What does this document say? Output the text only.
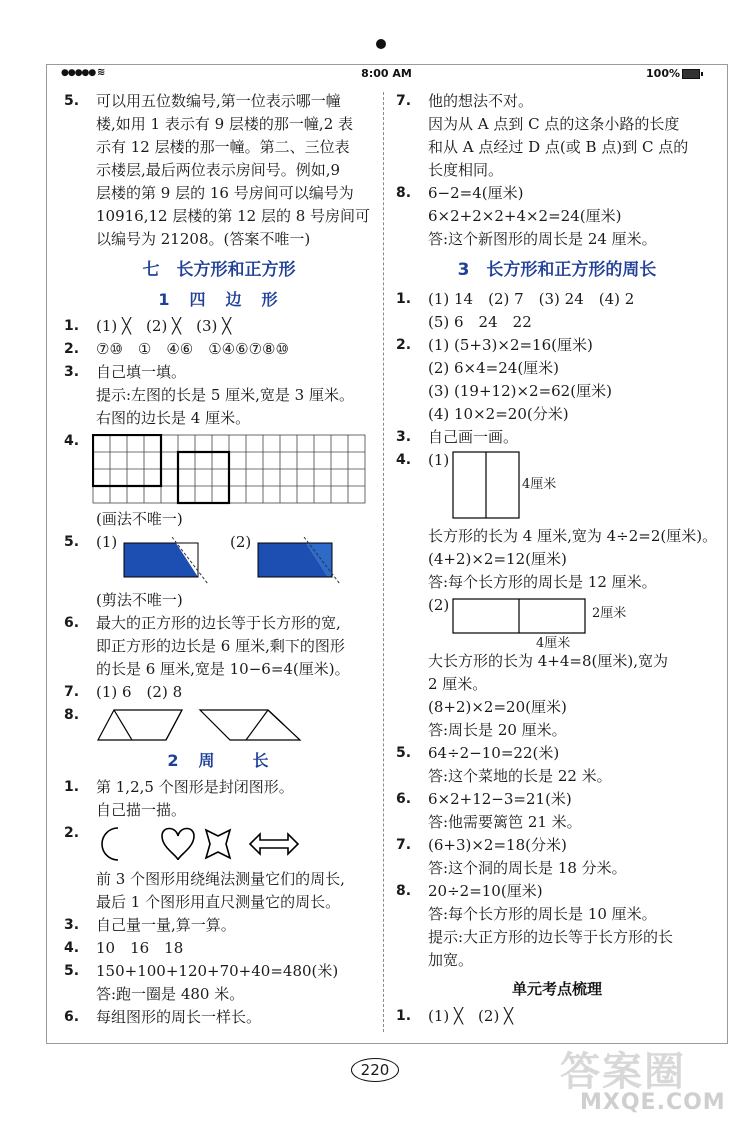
●●●●● ≋	8:00 AM	100%
5. 可以用五位数编号,第一位表示哪一幢
楼,如用 1 表示有 9 层楼的那一幢,2 表
示有 12 层楼的那一幢。第二、三位表
示楼层,最后两位表示房间号。例如,9
层楼的第 9 层的 16 号房间可以编号为
10916,12 层楼的第 12 层的 8 号房间可
以编号为 21208。(答案不唯一)
七　长方形和正方形
1　四　边　形
1. (1) ╳　(2) ╳　(3) ╳
2. ⑦⑩　①　④⑥　①④⑥⑦⑧⑩
3. 自己填一填。
提示:左图的长是 5 厘米,宽是 3 厘米。
右图的边长是 4 厘米。
4.
(画法不唯一)
5. (1)	(2)
(剪法不唯一)
6. 最大的正方形的边长等于长方形的宽,
即正方形的边长是 6 厘米,剩下的图形
的长是 6 厘米,宽是 10−6=4(厘米)。
7. (1) 6　(2) 8
8.
2　周　　长
1. 第 1,2,5 个图形是封闭图形。
自己描一描。
2.
前 3 个图形用绕绳法测量它们的周长,
最后 1 个图形用直尺测量它的周长。
3. 自己量一量,算一算。
4. 10　16　18
5. 150+100+120+70+40=480(米)
答:跑一圈是 480 米。
6. 每组图形的周长一样长。
7. 他的想法不对。
因为从 A 点到 C 点的这条小路的长度
和从 A 点经过 D 点(或 B 点)到 C 点的
长度相同。
8. 6−2=4(厘米)
6×2+2×2+4×2=24(厘米)
答:这个新图形的周长是 24 厘米。
3　长方形和正方形的周长
1. (1) 14　(2) 7　(3) 24　(4) 2
(5) 6　24　22
2. (1) (5+3)×2=16(厘米)
(2) 6×4=24(厘米)
(3) (19+12)×2=62(厘米)
(4) 10×2=20(分米)
3. 自己画一画。
4. (1)
4厘米
长方形的长为 4 厘米,宽为 4÷2=2(厘米)。
(4+2)×2=12(厘米)
答:每个长方形的周长是 12 厘米。
(2)	2厘米
4厘米
大长方形的长为 4+4=8(厘米),宽为
2 厘米。
(8+2)×2=20(厘米)
答:周长是 20 厘米。
5. 64÷2−10=22(米)
答:这个菜地的长是 22 米。
6. 6×2+12−3=21(米)
答:他需要篱笆 21 米。
7. (6+3)×2=18(分米)
答:这个洞的周长是 18 分米。
8. 20÷2=10(厘米)
答:每个长方形的周长是 10 厘米。
提示:大正方形的边长等于长方形的长
加宽。
单元考点梳理
1. (1) ╳　(2) ╳
220	答案圈
MXQE.COM
